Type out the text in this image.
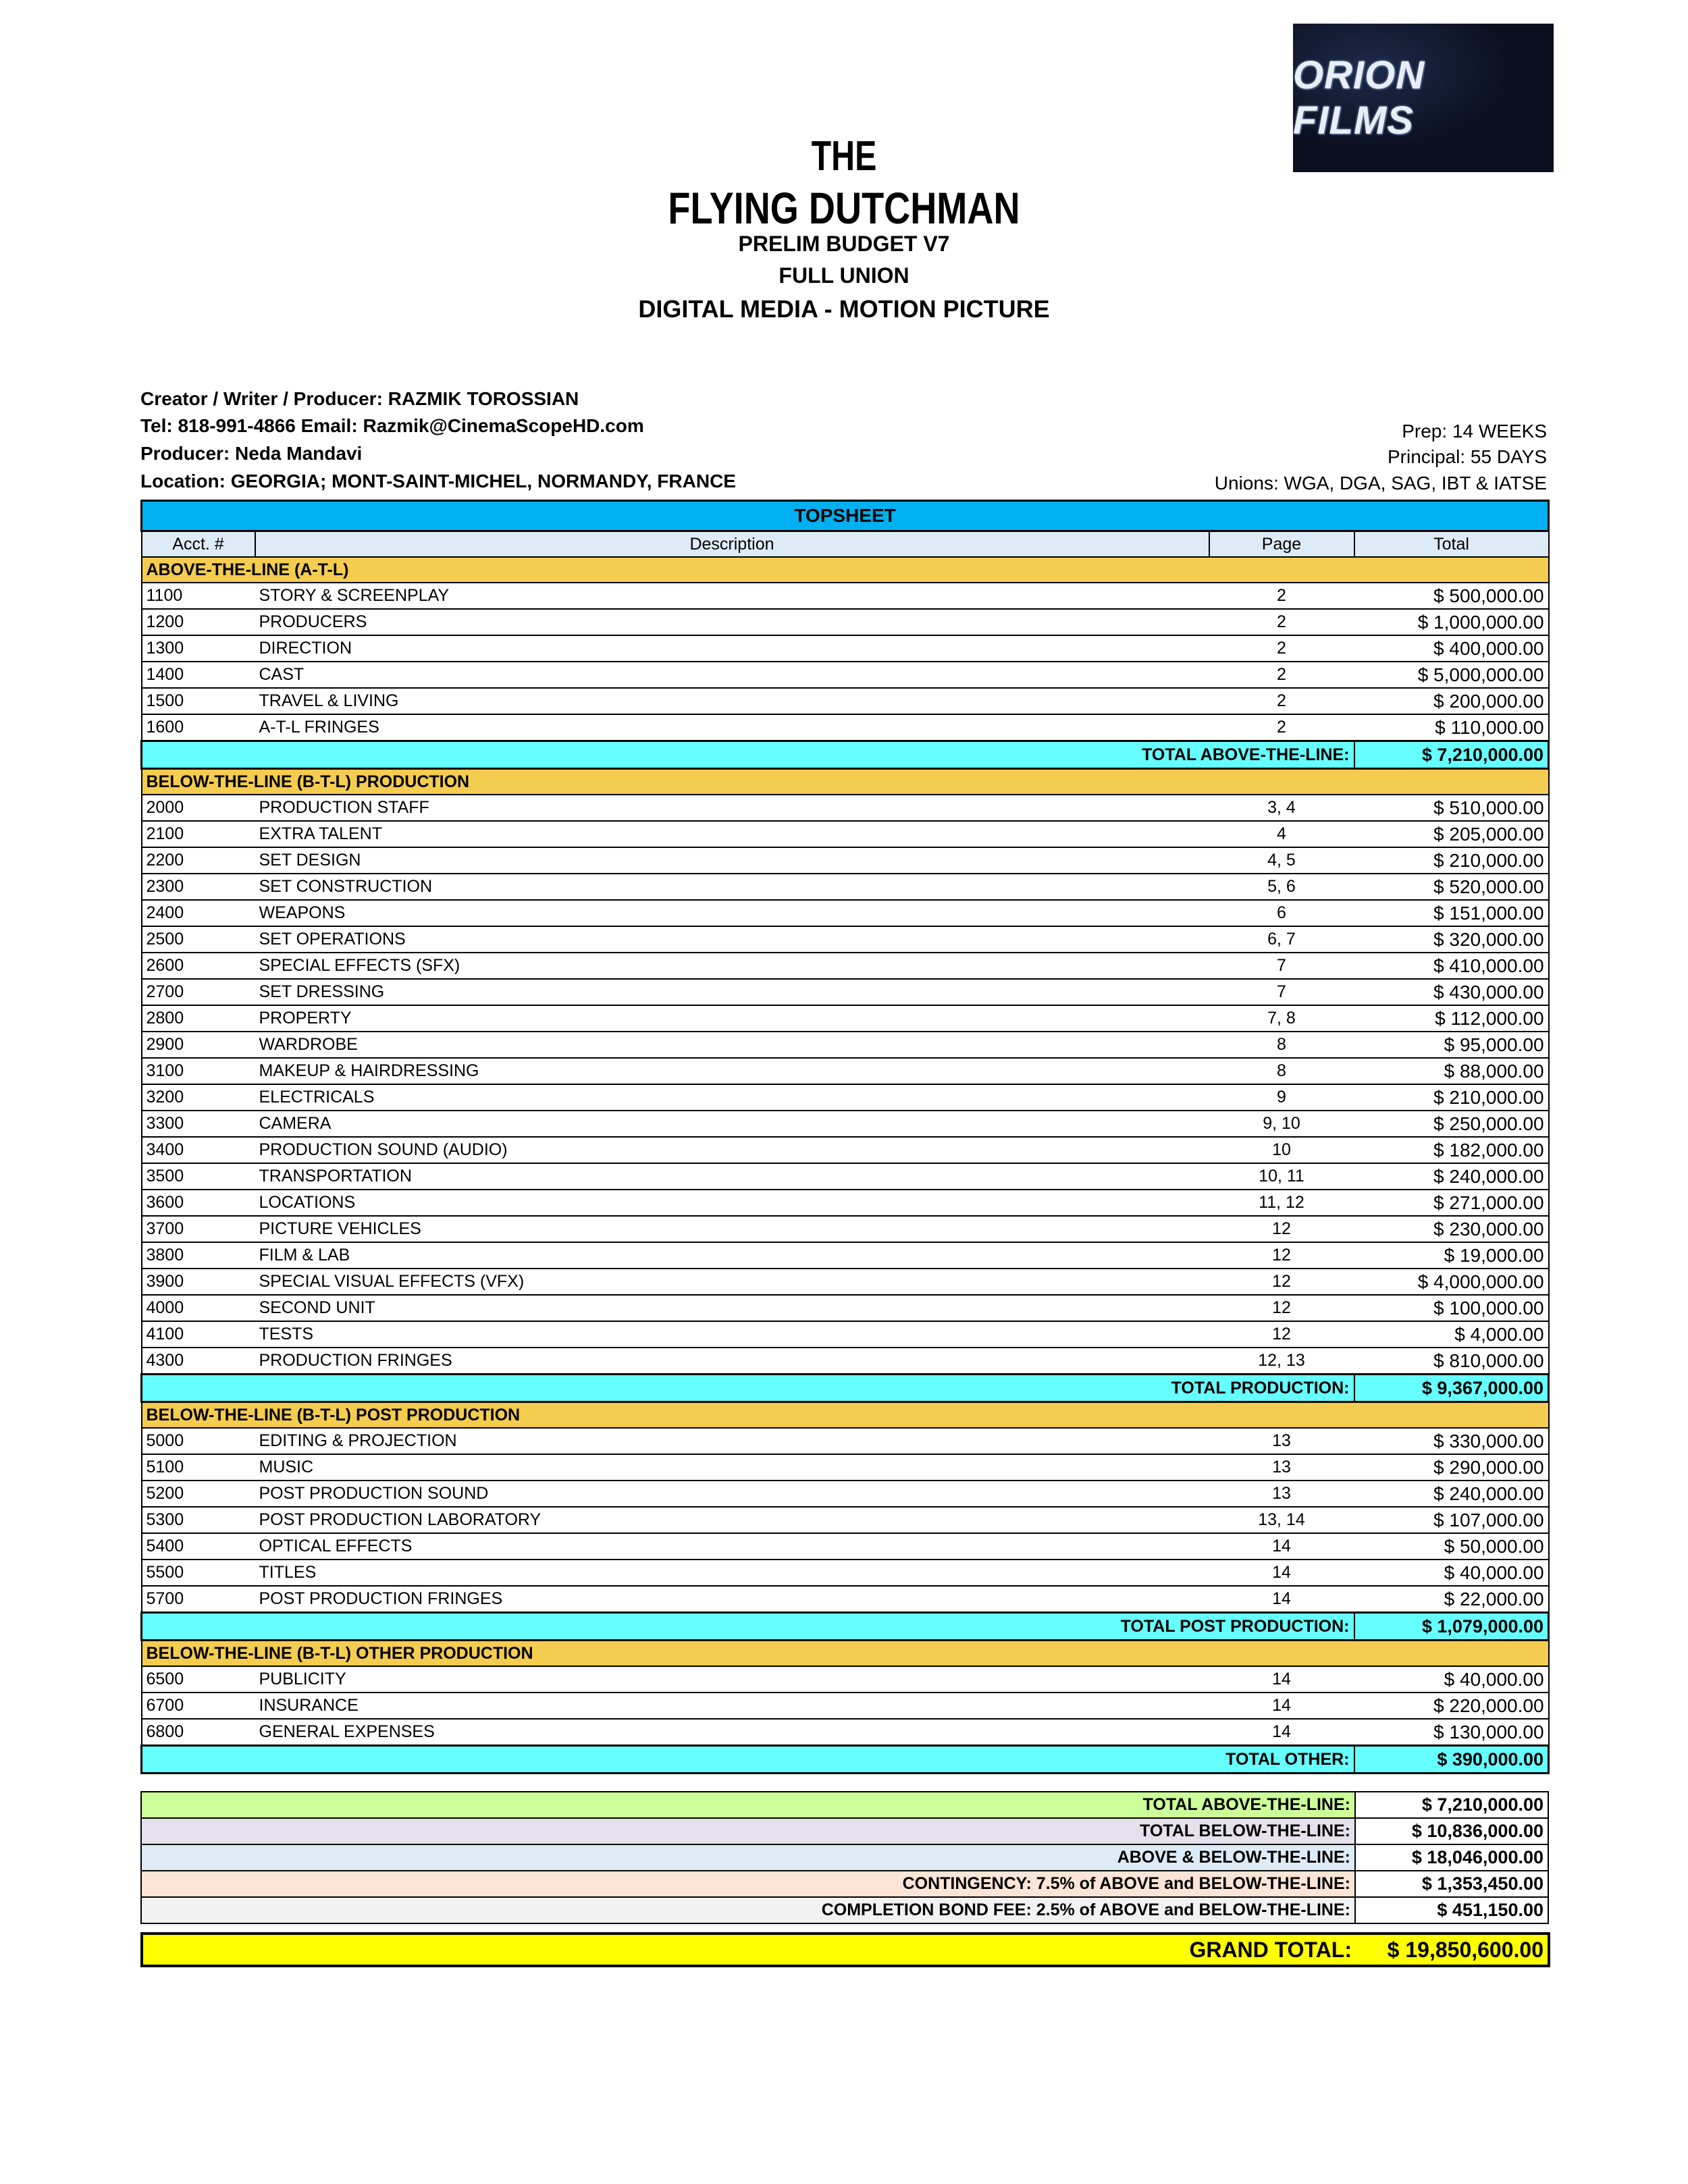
ORION FILMS
THE
FLYING DUTCHMAN
PRELIM BUDGET V7
FULL UNION
DIGITAL MEDIA - MOTION PICTURE
Creator / Writer / Producer: RAZMIK TOROSSIAN
Tel: 818-991-4866 Email: Razmik@CinemaScopeHD.com
Producer: Neda Mandavi
Location: GEORGIA; MONT-SAINT-MICHEL, NORMANDY, FRANCE
Prep: 14 WEEKS
Principal: 55 DAYS
Unions: WGA, DGA, SAG, IBT & IATSE
TOPSHEET			
Acct. #	Description	Page	Total
ABOVE-THE-LINE (A-T-L)			
1100	STORY & SCREENPLAY	2	$ 500,000.00
1200	PRODUCERS	2	$ 1,000,000.00
1300	DIRECTION	2	$ 400,000.00
1400	CAST	2	$ 5,000,000.00
1500	TRAVEL & LIVING	2	$ 200,000.00
1600	A-T-L FRINGES	2	$ 110,000.00
TOTAL ABOVE-THE-LINE:			$ 7,210,000.00
BELOW-THE-LINE (B-T-L) PRODUCTION			
2000	PRODUCTION STAFF	3, 4	$ 510,000.00
2100	EXTRA TALENT	4	$ 205,000.00
2200	SET DESIGN	4, 5	$ 210,000.00
2300	SET CONSTRUCTION	5, 6	$ 520,000.00
2400	WEAPONS	6	$ 151,000.00
2500	SET OPERATIONS	6, 7	$ 320,000.00
2600	SPECIAL EFFECTS (SFX)	7	$ 410,000.00
2700	SET DRESSING	7	$ 430,000.00
2800	PROPERTY	7, 8	$ 112,000.00
2900	WARDROBE	8	$ 95,000.00
3100	MAKEUP & HAIRDRESSING	8	$ 88,000.00
3200	ELECTRICALS	9	$ 210,000.00
3300	CAMERA	9, 10	$ 250,000.00
3400	PRODUCTION SOUND (AUDIO)	10	$ 182,000.00
3500	TRANSPORTATION	10, 11	$ 240,000.00
3600	LOCATIONS	11, 12	$ 271,000.00
3700	PICTURE VEHICLES	12	$ 230,000.00
3800	FILM & LAB	12	$ 19,000.00
3900	SPECIAL VISUAL EFFECTS (VFX)	12	$ 4,000,000.00
4000	SECOND UNIT	12	$ 100,000.00
4100	TESTS	12	$ 4,000.00
4300	PRODUCTION FRINGES	12, 13	$ 810,000.00
TOTAL PRODUCTION:			$ 9,367,000.00
BELOW-THE-LINE (B-T-L) POST PRODUCTION			
5000	EDITING & PROJECTION	13	$ 330,000.00
5100	MUSIC	13	$ 290,000.00
5200	POST PRODUCTION SOUND	13	$ 240,000.00
5300	POST PRODUCTION LABORATORY	13, 14	$ 107,000.00
5400	OPTICAL EFFECTS	14	$ 50,000.00
5500	TITLES	14	$ 40,000.00
5700	POST PRODUCTION FRINGES	14	$ 22,000.00
TOTAL POST PRODUCTION:			$ 1,079,000.00
BELOW-THE-LINE (B-T-L) OTHER PRODUCTION			
6500	PUBLICITY	14	$ 40,000.00
6700	INSURANCE	14	$ 220,000.00
6800	GENERAL EXPENSES	14	$ 130,000.00
TOTAL OTHER:			$ 390,000.00
TOTAL ABOVE-THE-LINE:	$ 7,210,000.00
TOTAL BELOW-THE-LINE:	$ 10,836,000.00
ABOVE & BELOW-THE-LINE:	$ 18,046,000.00
CONTINGENCY: 7.5% of ABOVE and BELOW-THE-LINE:	$ 1,353,450.00
COMPLETION BOND FEE: 2.5% of ABOVE and BELOW-THE-LINE:	$ 451,150.00
GRAND TOTAL:	$ 19,850,600.00
